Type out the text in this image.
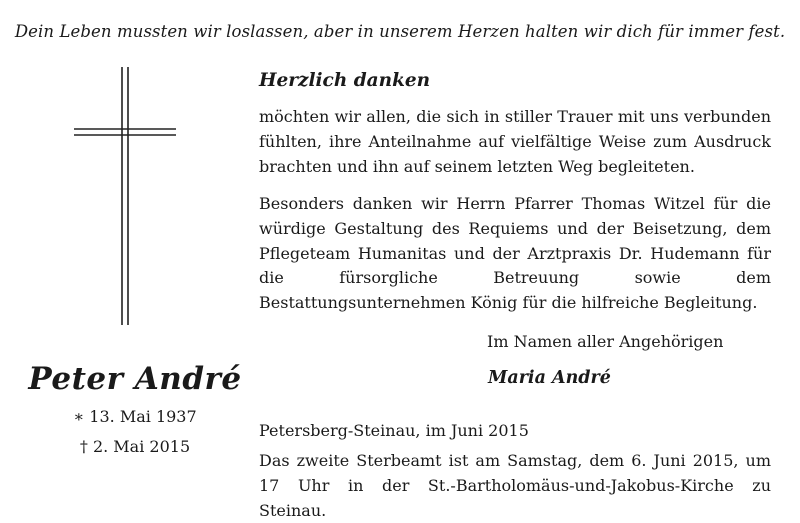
Dein Leben mussten wir loslassen, aber in unserem Herzen halten wir dich für immer fest.
Peter André
∗ 13. Mai 1937
† 2. Mai 2015
Herzlich danken
möchten wir allen, die sich in stiller Trauer mit uns verbunden fühlten, ihre Anteilnahme auf vielfältige Weise zum Ausdruck brachten und ihn auf seinem letzten Weg begleiteten.
Besonders danken wir Herrn Pfarrer Thomas Witzel für die würdige Gestaltung des Requiems und der Beisetzung, dem Pflegeteam Humanitas und der Arztpraxis Dr. Hudemann für die fürsorgliche Betreuung sowie dem Bestattungsunternehmen König für die hilfreiche Begleitung.
Im Namen aller Angehörigen
Maria André
Petersberg-Steinau, im Juni 2015
Das zweite Sterbeamt ist am Samstag, dem 6. Juni 2015, um 17 Uhr in der St.-Bartholomäus-und-Jakobus-Kirche zu Steinau.
